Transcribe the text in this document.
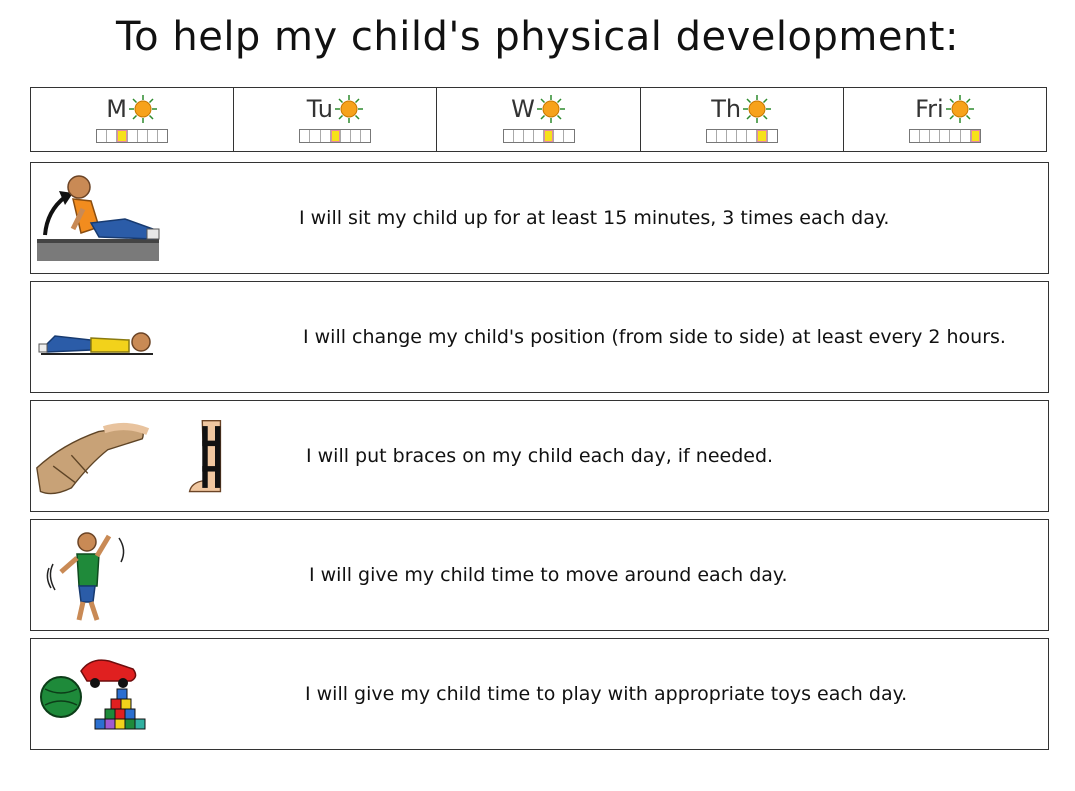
To help my child's physical development:
M	Tu	W	Th	Fri
I will sit my child up for at least 15 minutes, 3 times each day.
I will change my child's position (from side to side) at least every 2 hours.
I will put braces on my child each day, if needed.
I will give my child time to move around each day.
I will give my child time to play with appropriate toys each day.
